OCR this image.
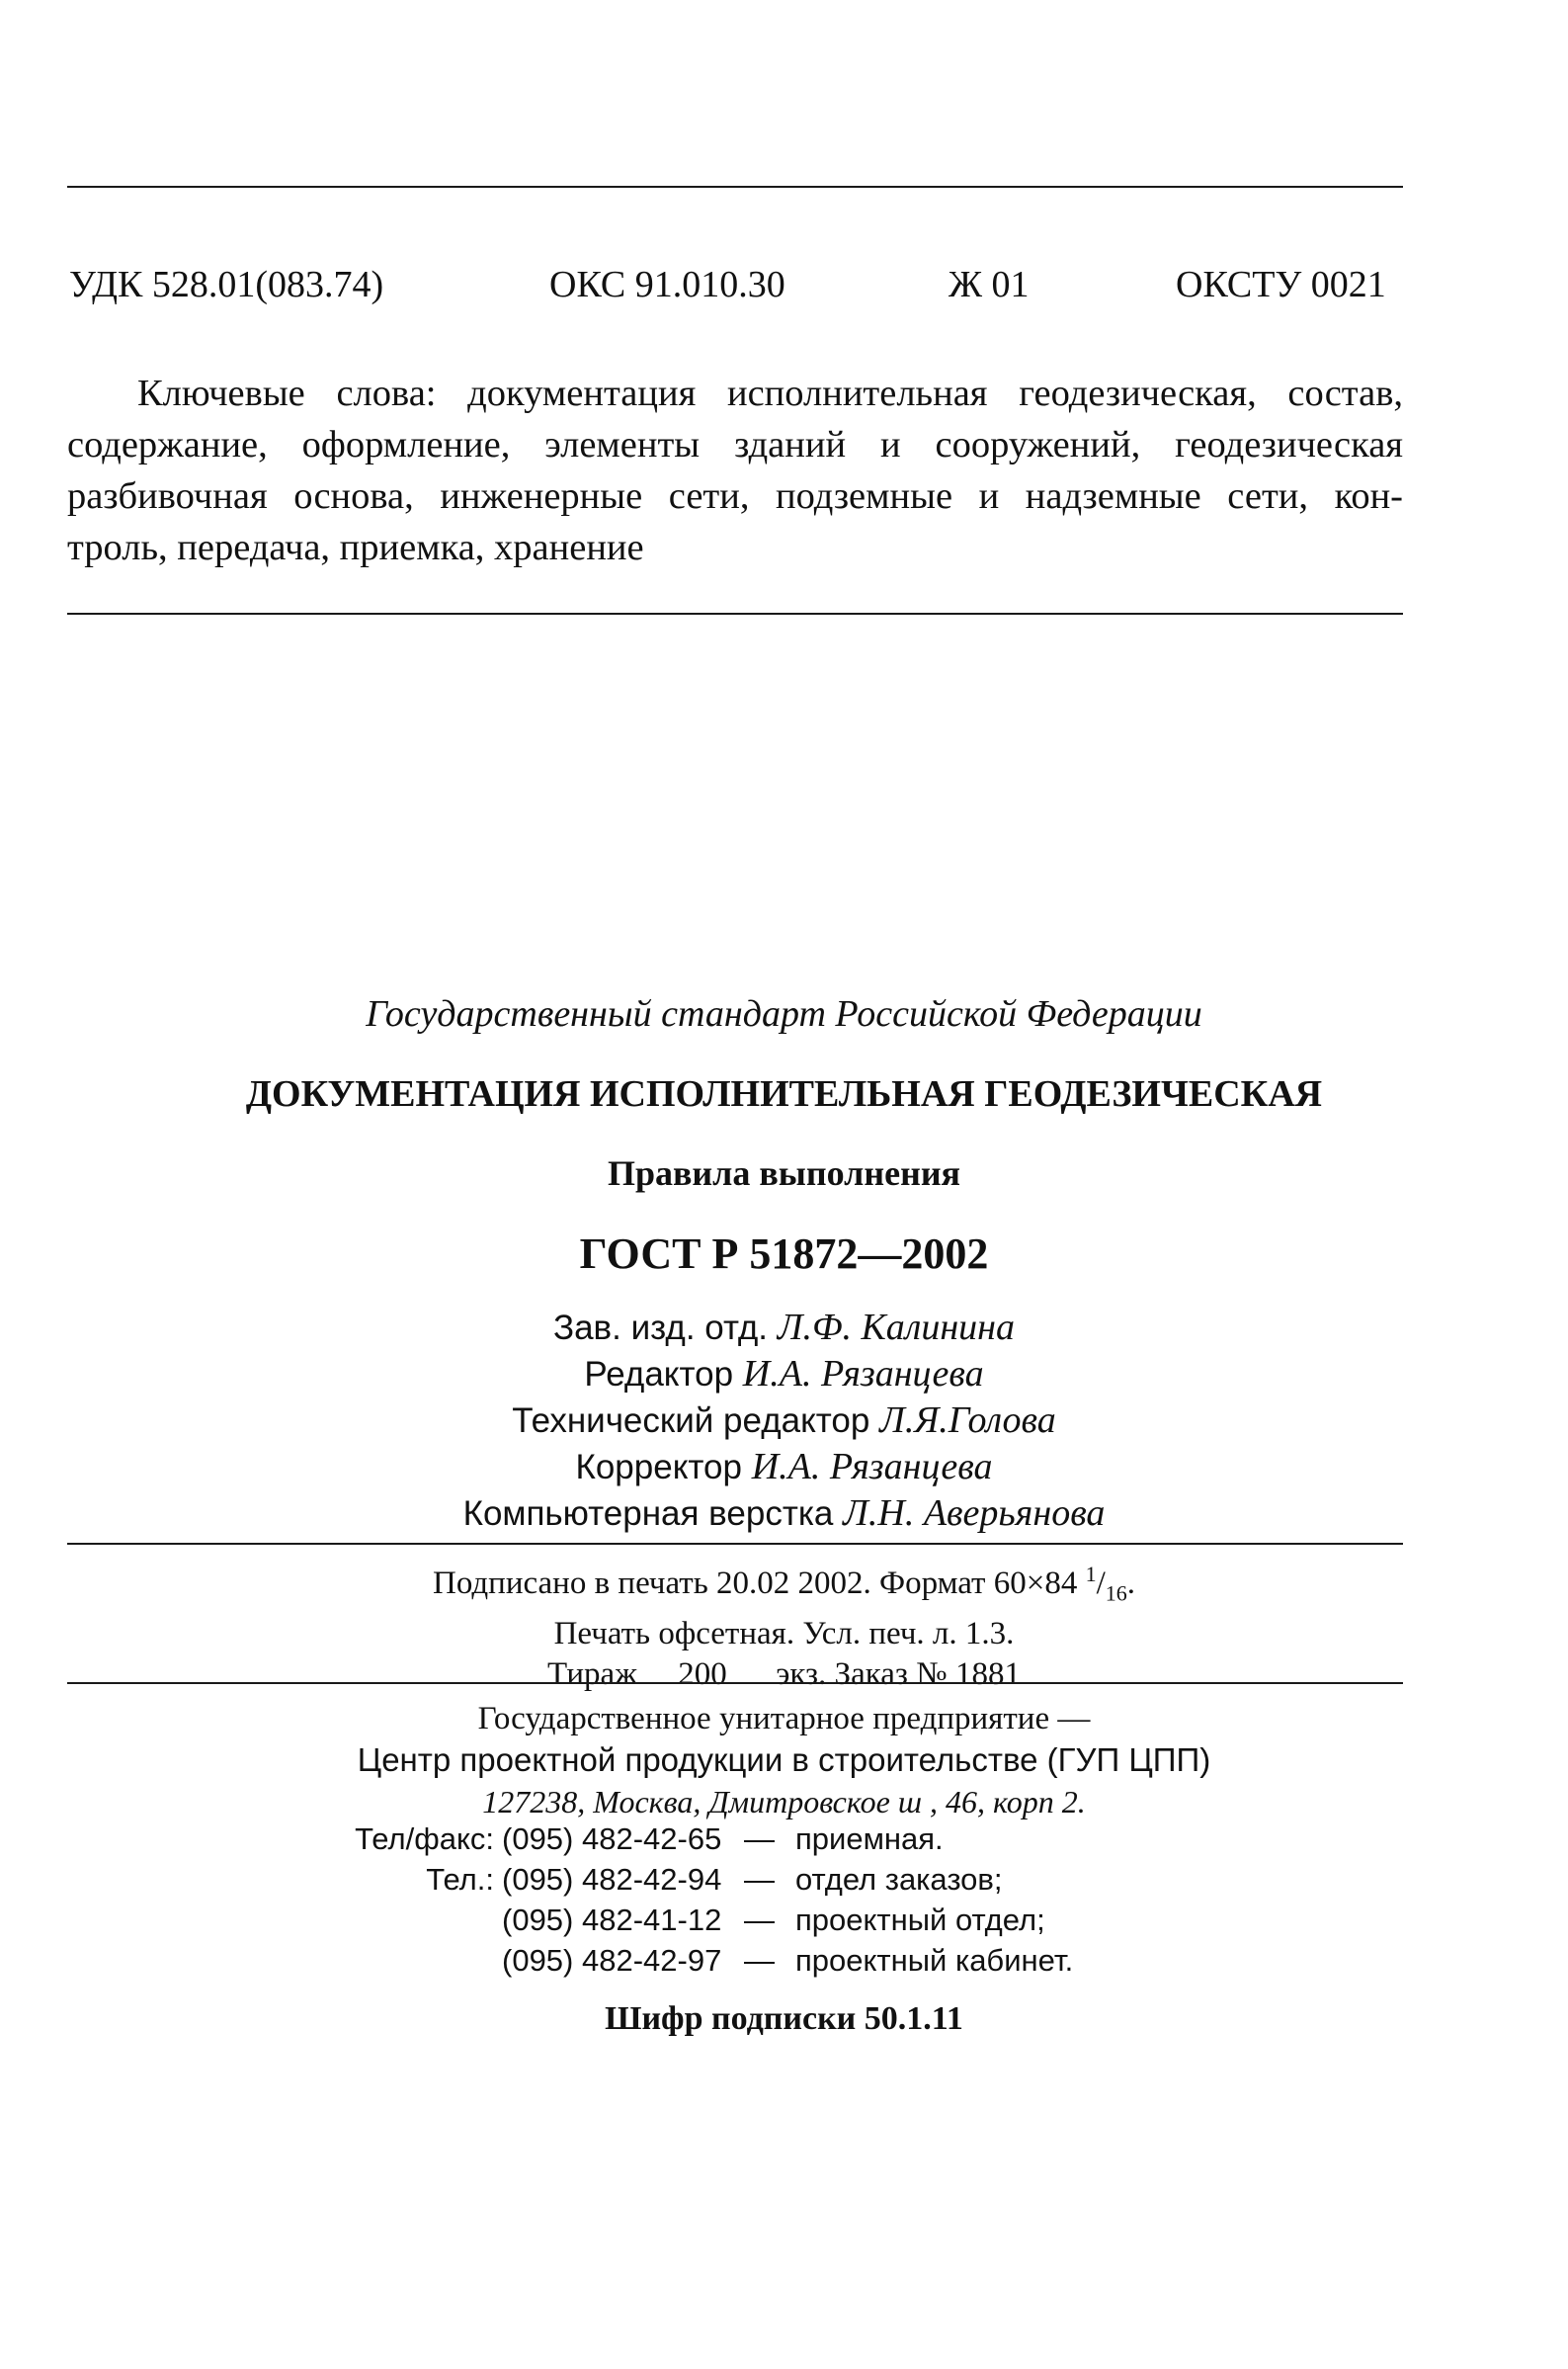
УДК 528.01(083.74)	ОКС 91.010.30	Ж 01	ОКСТУ 0021
Ключевые слова: документация исполнительная геодезическая, состав,
содержание, оформление, элементы зданий и сооружений, геодезическая
разбивочная основа, инженерные сети, подземные и надземные сети, кон-
троль, передача, приемка, хранение
Государственный стандарт Российской Федерации
ДОКУМЕНТАЦИЯ ИСПОЛНИТЕЛЬНАЯ ГЕОДЕЗИЧЕСКАЯ
Правила выполнения
ГОСТ Р 51872—2002
Зав. изд. отд. Л.Ф. Калинина
Редактор И.А. Рязанцева
Технический редактор Л.Я.Голова
Корректор И.А. Рязанцева
Компьютерная верстка Л.Н. Аверьянова
Подписано в печать 20.02 2002. Формат 60×84 $^1/_{16}$.
Печать офсетная. Усл. печ. л. 1.3.
Тираж 200 экз. Заказ № 1881
Государственное унитарное предприятие —
Центр проектной продукции в строительстве (ГУП ЦПП)
127238, Москва, Дмитровское ш , 46, корп 2.
Тел/факс: (095) 482-42-65 — приемная.
Тел.: (095) 482-42-94 — отдел заказов;
(095) 482-41-12 — проектный отдел;
(095) 482-42-97 — проектный кабинет.
Шифр подписки 50.1.11
